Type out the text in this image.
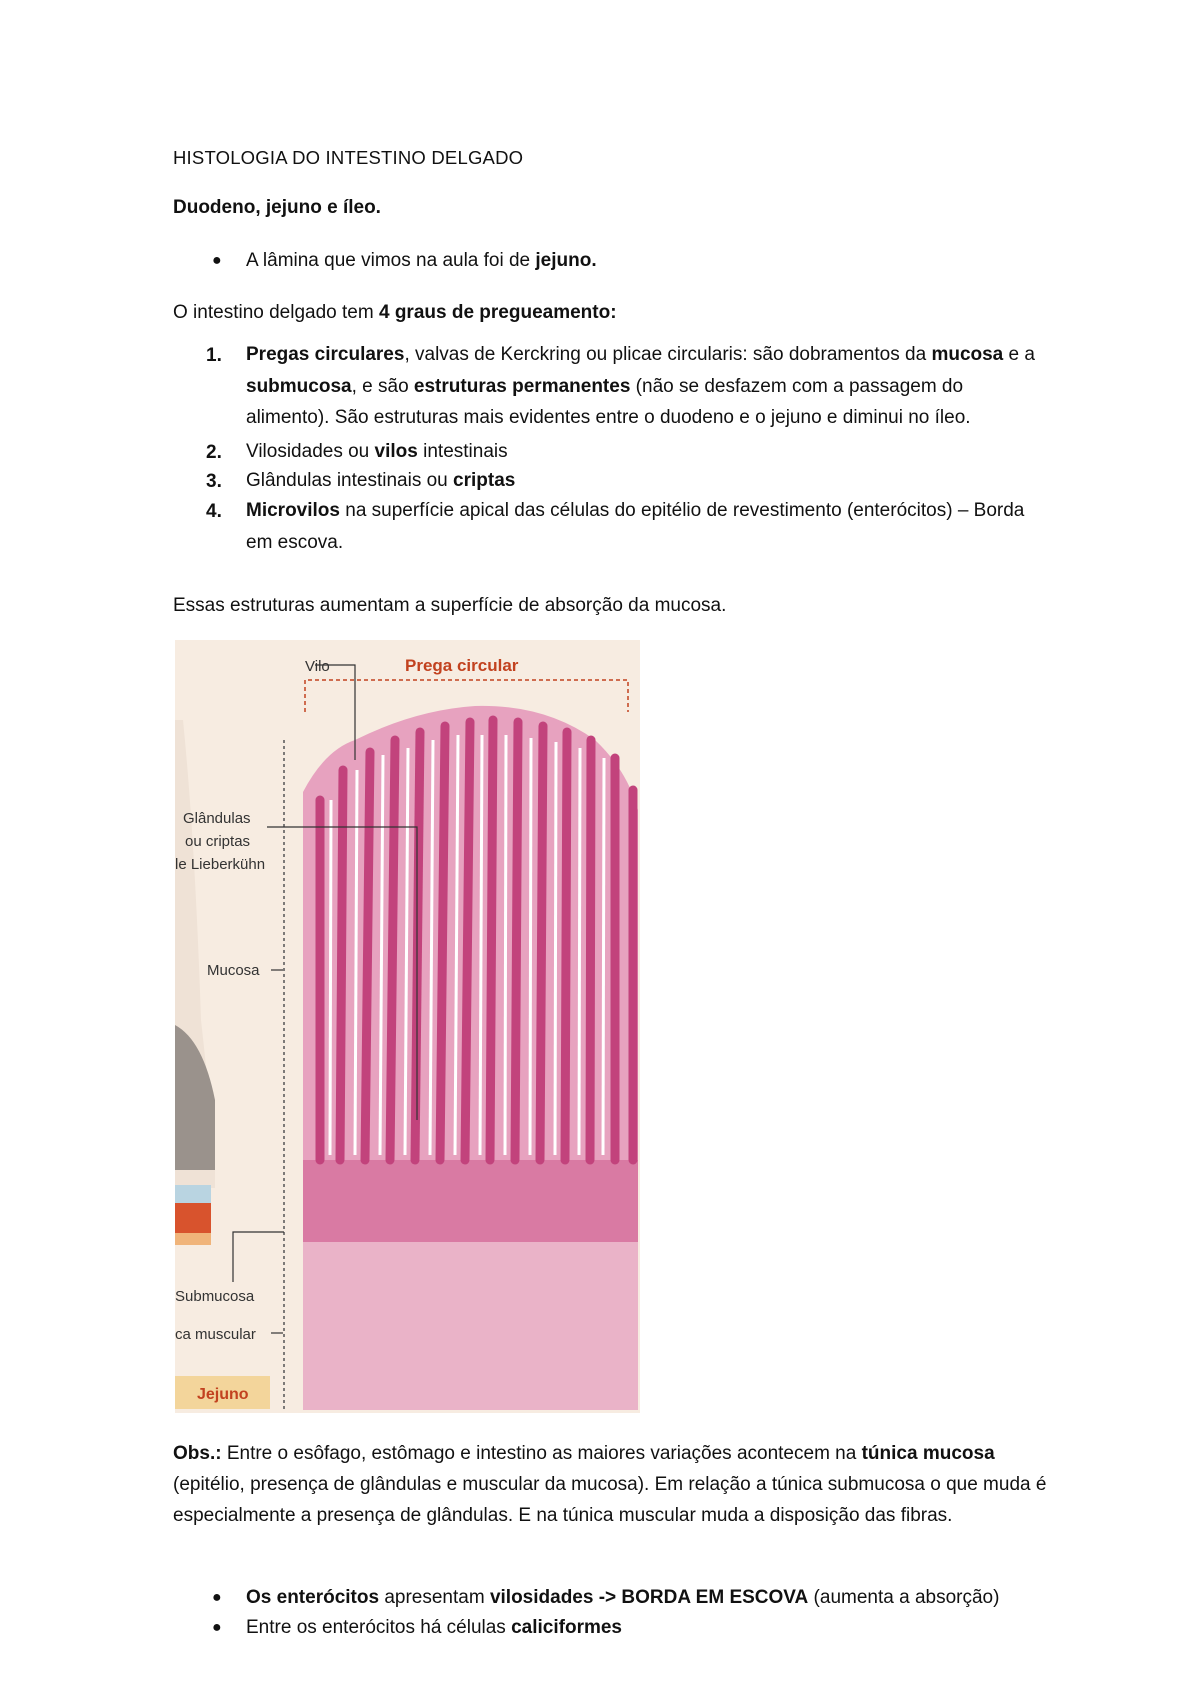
HISTOLOGIA DO INTESTINO DELGADO
Duodeno, jejuno e íleo.
● A lâmina que vimos na aula foi de jejuno.
O intestino delgado tem 4 graus de pregueamento:
1. Pregas circulares, valvas de Kerckring ou plicae circularis: são dobramentos da mucosa e a submucosa, e são estruturas permanentes (não se desfazem com a passagem do alimento). São estruturas mais evidentes entre o duodeno e o jejuno e diminui no íleo.
2. Vilosidades ou vilos intestinais
3. Glândulas intestinais ou criptas
4. Microvilos na superfície apical das células do epitélio de revestimento (enterócitos) – Borda em escova.
Essas estruturas aumentam a superfície de absorção da mucosa.
Vilo	Prega circular
Glândulas
ou criptas
le Lieberkühn
Mucosa
Submucosa
ca muscular
Jejuno
Obs.: Entre o esôfago, estômago e intestino as maiores variações acontecem na túnica mucosa (epitélio, presença de glândulas e muscular da mucosa). Em relação a túnica submucosa o que muda é especialmente a presença de glândulas. E na túnica muscular muda a disposição das fibras.
● Os enterócitos apresentam vilosidades -> BORDA EM ESCOVA (aumenta a absorção)
● Entre os enterócitos há células caliciformes
